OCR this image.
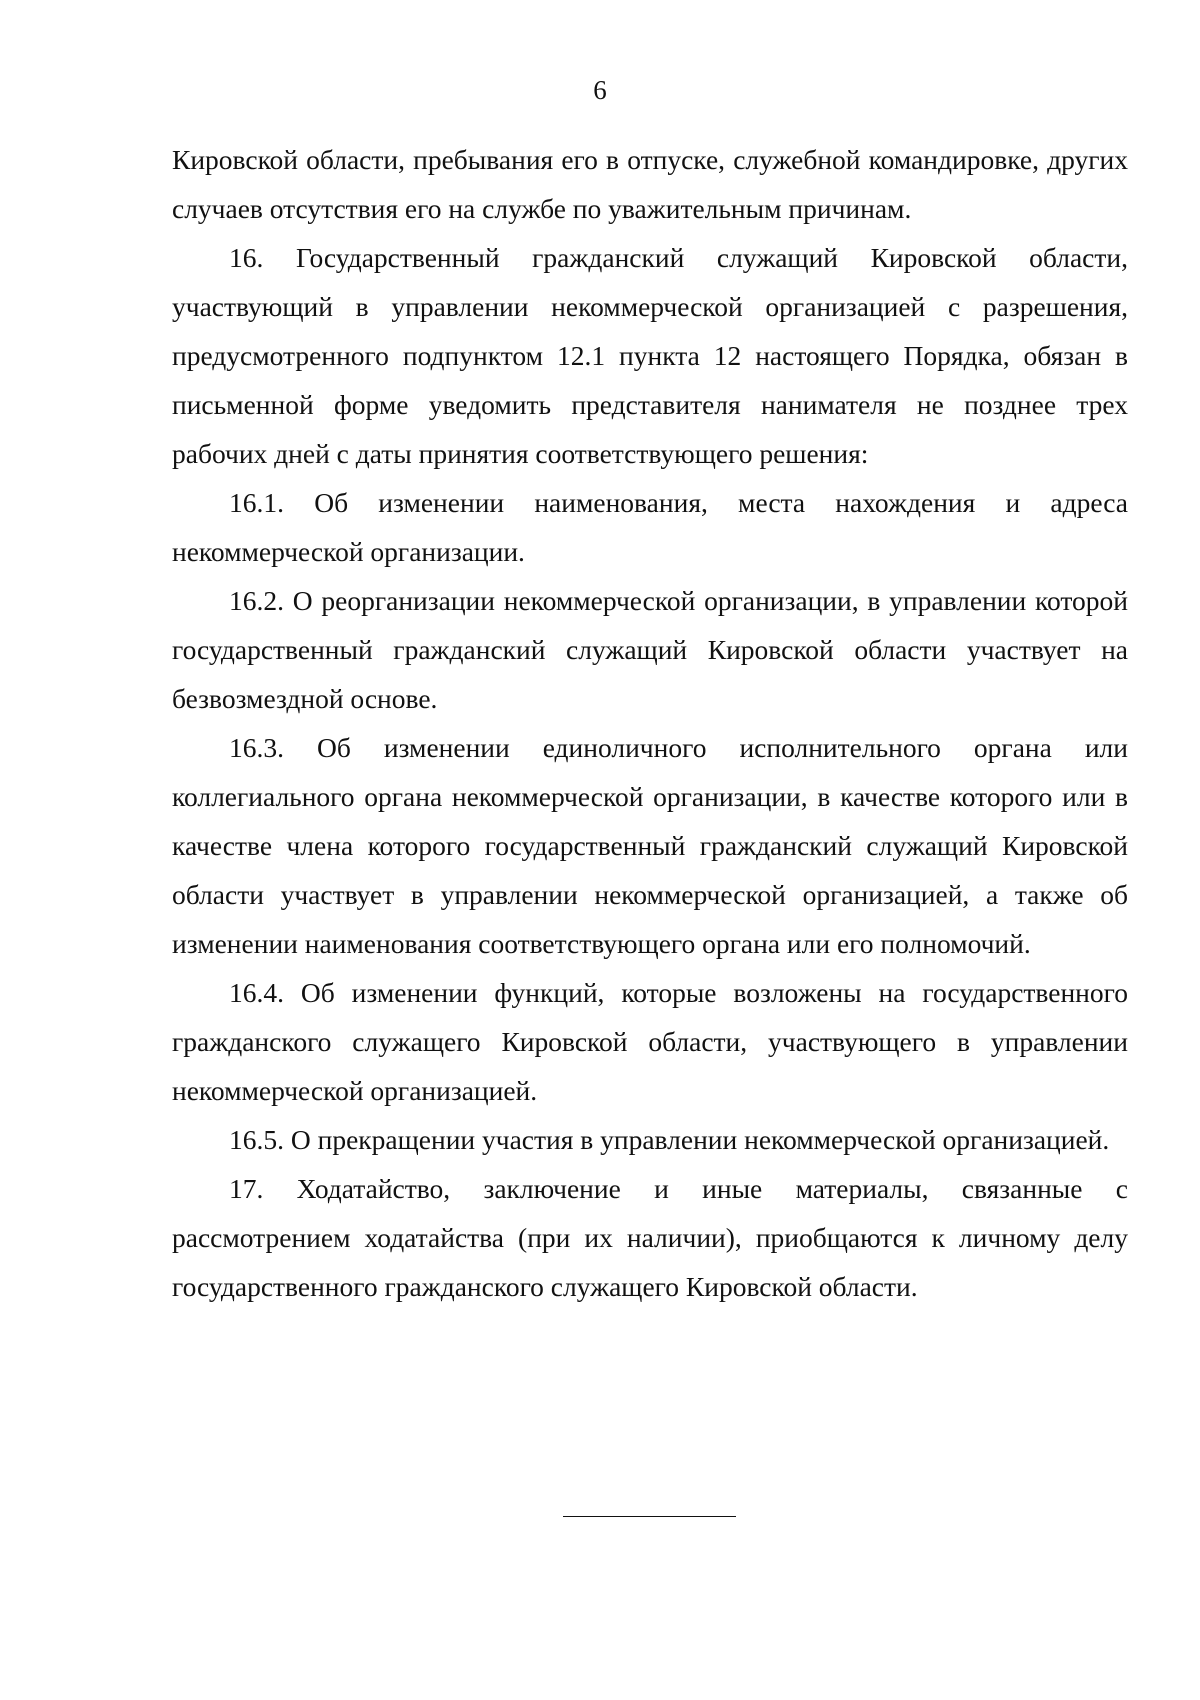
6

Кировской области, пребывания его в отпуске, служебной командировке, других случаев отсутствия его на службе по уважительным причинам.

16. Государственный гражданский служащий Кировской области, участвующий в управлении некоммерческой организацией с разрешения, предусмотренного подпунктом 12.1 пункта 12 настоящего Порядка, обязан в письменной форме уведомить представителя нанимателя не позднее трех рабочих дней с даты принятия соответствующего решения:

16.1. Об изменении наименования, места нахождения и адреса некоммерческой организации.

16.2. О реорганизации некоммерческой организации, в управлении которой государственный гражданский служащий Кировской области участвует на безвозмездной основе.

16.3. Об изменении единоличного исполнительного органа или коллегиального органа некоммерческой организации, в качестве которого или в качестве члена которого государственный гражданский служащий Кировской области участвует в управлении некоммерческой организацией, а также об изменении наименования соответствующего органа или его полномочий.

16.4. Об изменении функций, которые возложены на государственного гражданского служащего Кировской области, участвующего в управлении некоммерческой организацией.

16.5. О прекращении участия в управлении некоммерческой организацией.

17. Ходатайство, заключение и иные материалы, связанные с рассмотрением ходатайства (при их наличии), приобщаются к личному делу государственного гражданского служащего Кировской области.
